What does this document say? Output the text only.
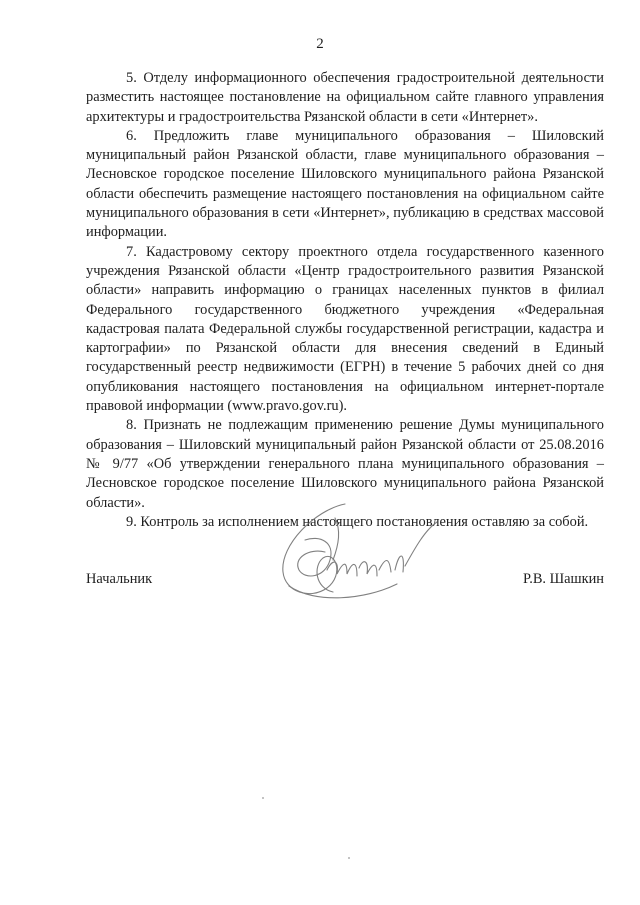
2

5. Отделу информационного обеспечения градостроительной деятельности разместить настоящее постановление на официальном сайте главного управления архитектуры и градостроительства Рязанской области в сети «Интернет».

6. Предложить главе муниципального образования – Шиловский муниципальный район Рязанской области, главе муниципального образования – Лесновское городское поселение Шиловского муниципального района Рязанской области обеспечить размещение настоящего постановления на официальном сайте муниципального образования в сети «Интернет», публикацию в средствах массовой информации.

7. Кадастровому сектору проектного отдела государственного казенного учреждения Рязанской области «Центр градостроительного развития Рязанской области» направить информацию о границах населенных пунктов в филиал Федерального государственного бюджетного учреждения «Федеральная кадастровая палата Федеральной службы государственной регистрации, кадастра и картографии» по Рязанской области для внесения сведений в Единый государственный реестр недвижимости (ЕГРН) в течение 5 рабочих дней со дня опубликования настоящего постановления на официальном интернет-портале правовой информации (www.pravo.gov.ru).

8. Признать не подлежащим применению решение Думы муниципального образования – Шиловский муниципальный район Рязанской области от 25.08.2016 № 9/77 «Об утверждении генерального плана муниципального образования – Лесновское городское поселение Шиловского муниципального района Рязанской области».

9. Контроль за исполнением настоящего постановления оставляю за собой.

Начальник	Р.В. Шашкин
